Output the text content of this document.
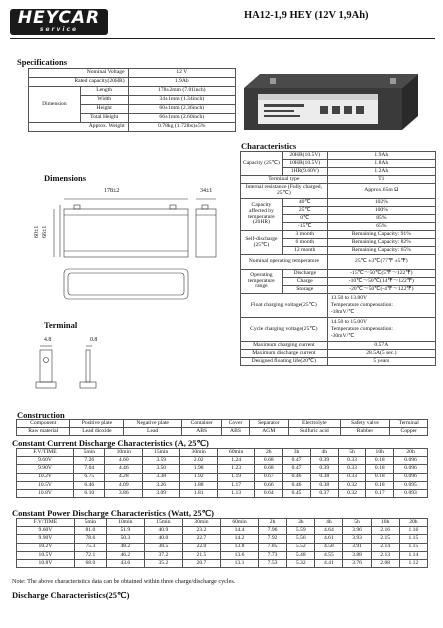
HEYCAR
service
HA12-1,9 HEY (12V 1,9Ah)
Specifications
Nominal Voltage		12 V
Rated capacity(20HR)		1.9Ah
Dimension	Length	178±2mm (7.01inch)
	Width	34±1mm (1.34inch)
	Height	60±1mm (2.36inch)
	Total Height	66±1mm (2.60inch)
Approx. Weight		0.78kg (1.72lbs)±5%
Characteristics
Capacity (25℃)	20HR(10.5V)	1.9Ah
	10HR(10.5V)	1.8Ah
	1HR(9.60V)	1.2Ah
Terminal type		T1
Internal resistance (Fully charged, 25℃)		Approx.65m Ω
Capacity affected by temperature (20HR)	40℃	102%
	25℃	100%
	0℃	85%
	-15℃	65%
Self-discharge (25℃)	3 month	Remaining Capacity: 91%
	6 month	Remaining Capacity: 82%
	12 month	Remaining Capacity: 65%
Nominal operating temperature		25℃ ±3℃(77℉ ±5℉)
Operating temperature range	Discharge	-15℃〜50℃(5℉〜122℉)
	Charge	-10℃〜50℃(14℉〜122℉)
	Storage	-20℃〜50℃(-4℉〜122℉)
Float charging voltage(25℃)		13.50 to 13.80V
Temperature compensation:
-18mV/℃

Cycle charging voltage(25℃)		14.50 to 15.00V
Temperature compensation:
-30mV/℃

Maximum charging current		0.57A
Maximum discharge current		28.5A(5 sec.)
Designed floating life(20℃)		5 years
Dimensions
178±2	34±1
60±1 66±1
Terminal
4.8	0.8
Construction
Component	Positive plate	Negative plate	Container	Cover	Separator	Electrolyte	Safety valve	Terminal
Raw material	Lead dioxide	Lead	ABS	ABS	AGM	Sulfuric acid	Rubber	Copper
Constant Current Discharge Characteristics (A, 25℃)
F.V/TIME	5min	10min	15min	30min	60min	2h	3h	4h	5h	10h	20h
9.60V	7.26	4.60	3.59	2.02	1.24	0.68	0.47	0.39	0.33	0.18	0.096
9.90V	7.04	4.46	3.50	1.98	1.23	0.68	0.47	0.39	0.33	0.18	0.096
10.2V	6.75	4.28	3.38	1.92	1.19	0.67	0.46	0.38	0.33	0.18	0.096
10.5V	6.46	4.09	3.26	1.88	1.17	0.66	0.46	0.38	0.32	0.18	0.095
10.8V	6.10	3.86	3.09	1.81	1.13	0.64	0.45	0.37	0.32	0.17	0.093
Constant Power Discharge Characteristics (Watt, 25℃)
F.V/TIME	5min	10min	15min	30min	60min	2h	3h	4h	5h	10h	20h
9.60V	81.0	51.9	40.9	23.2	14.4	7.96	5.59	4.64	3.96	2.16	1.16
9.90V	78.6	50.3	40.0	22.7	14.2	7.92	5.56	4.61	3.93	2.15	1.15
10.2V	75.3	48.2	38.5	22.0	13.8	7.85	5.52	4.58	3.91	2.14	1.15
10.5V	72.1	46.2	37.2	21.5	13.6	7.73	5.48	4.55	3.88	2.13	1.14
10.8V	68.0	43.6	35.2	20.7	13.1	7.53	5.32	4.41	3.76	2.08	1.12
Note: The above characteristics data can be obtained within three charge/discharge cycles.
Discharge Characteristics(25℃)
